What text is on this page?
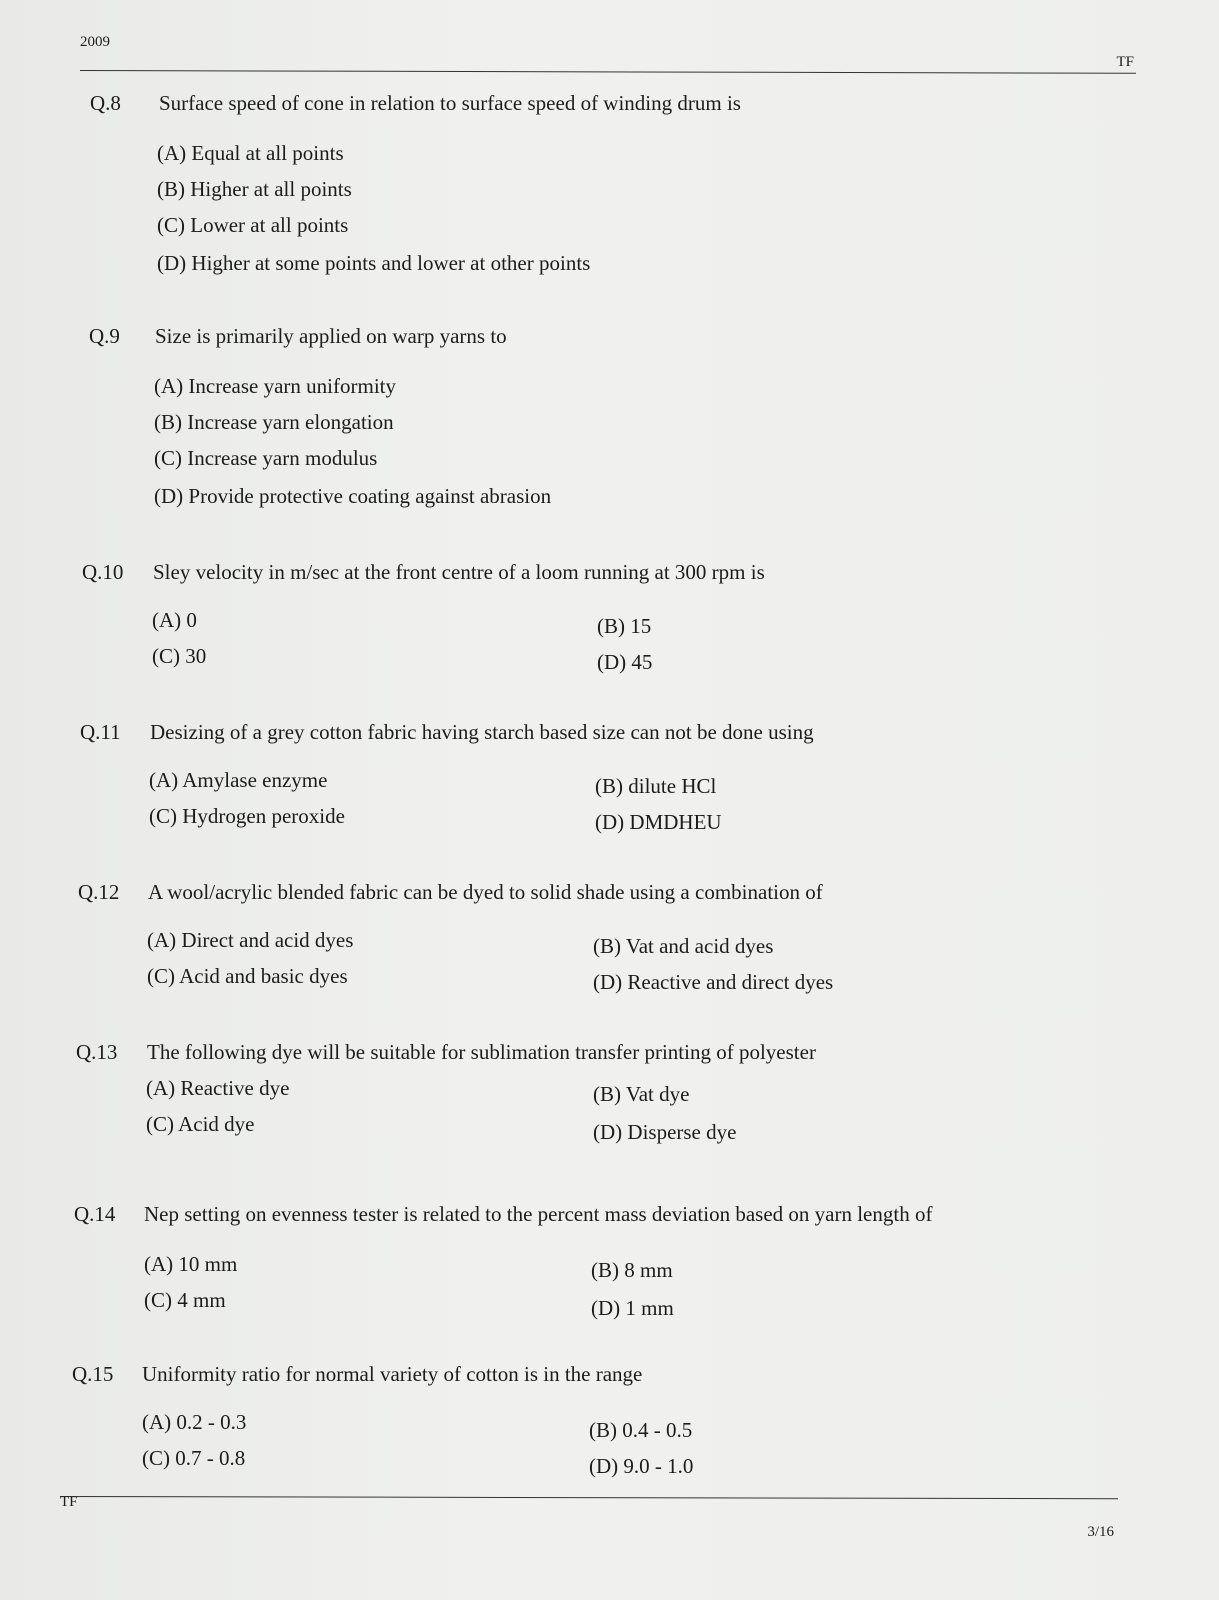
2009
TF
Q.8 Surface speed of cone in relation to surface speed of winding drum is
(A) Equal at all points
(B) Higher at all points
(C) Lower at all points
(D) Higher at some points and lower at other points
Q.9 Size is primarily applied on warp yarns to
(A) Increase yarn uniformity
(B) Increase yarn elongation
(C) Increase yarn modulus
(D) Provide protective coating against abrasion
Q.10 Sley velocity in m/sec at the front centre of a loom running at 300 rpm is
(A) 0	(B) 15
(C) 30	(D) 45
Q.11 Desizing of a grey cotton fabric having starch based size can not be done using
(A) Amylase enzyme	(B) dilute HCl
(C) Hydrogen peroxide	(D) DMDHEU
Q.12 A wool/acrylic blended fabric can be dyed to solid shade using a combination of
(A) Direct and acid dyes	(B) Vat and acid dyes
(C) Acid and basic dyes	(D) Reactive and direct dyes
Q.13 The following dye will be suitable for sublimation transfer printing of polyester
(A) Reactive dye	(B) Vat dye
(C) Acid dye	(D) Disperse dye
Q.14 Nep setting on evenness tester is related to the percent mass deviation based on yarn length of
(A) 10 mm	(B) 8 mm
(C) 4 mm	(D) 1 mm
Q.15 Uniformity ratio for normal variety of cotton is in the range
(A) 0.2 - 0.3	(B) 0.4 - 0.5
(C) 0.7 - 0.8	(D) 9.0 - 1.0
TF
3/16
